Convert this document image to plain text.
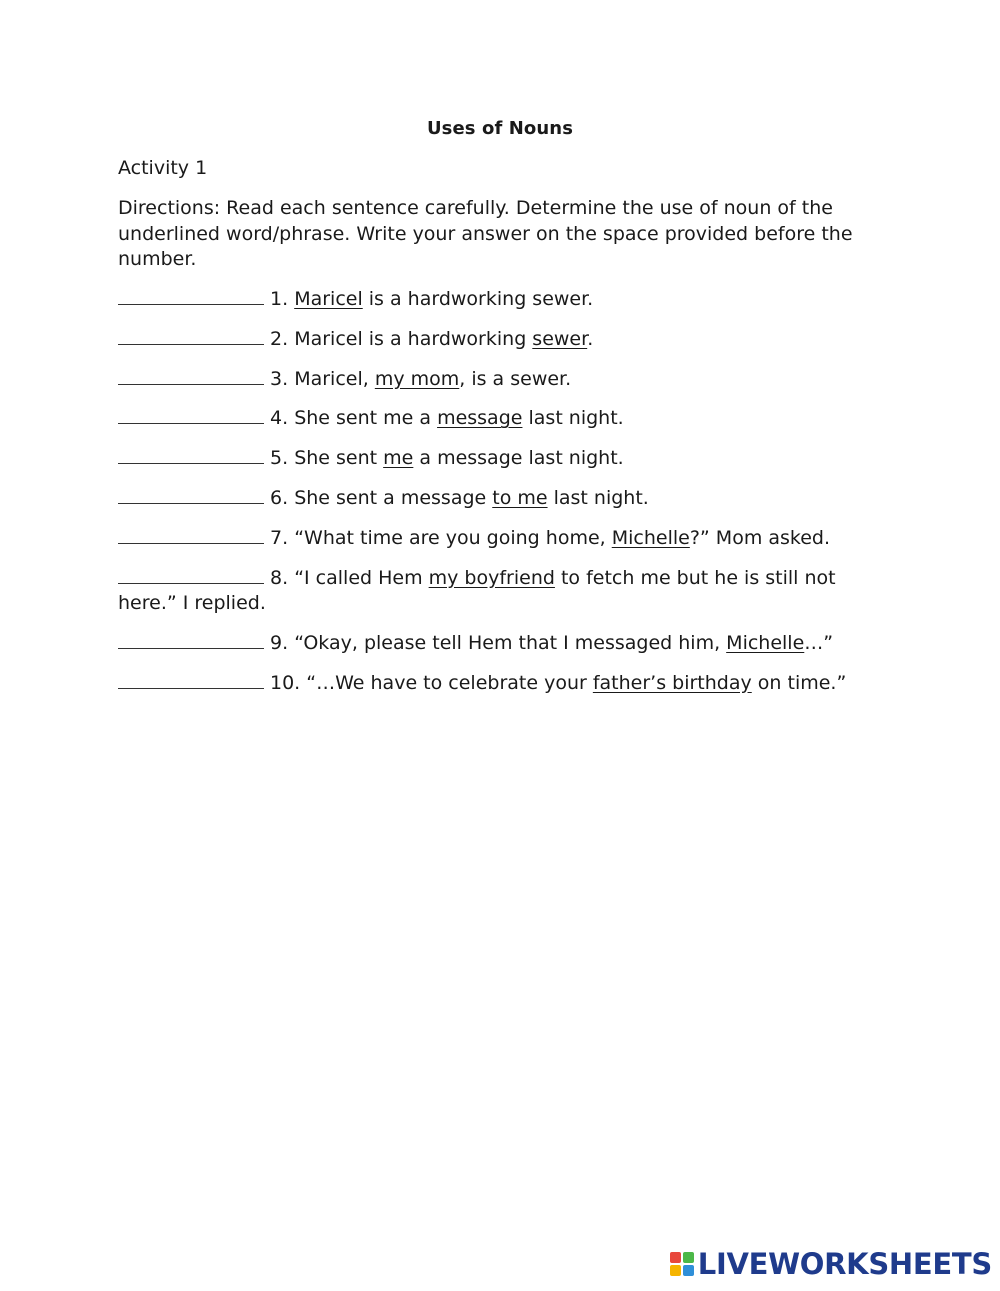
Uses of Nouns
Activity 1
Directions: Read each sentence carefully. Determine the use of noun of the underlined word/phrase. Write your answer on the space provided before the number.
1. Maricel is a hardworking sewer.
2. Maricel is a hardworking sewer.
3. Maricel, my mom, is a sewer.
4. She sent me a message last night.
5. She sent me a message last night.
6. She sent a message to me last night.
7. “What time are you going home, Michelle?” Mom asked.
8. “I called Hem my boyfriend to fetch me but he is still not here.” I replied.
9. “Okay, please tell Hem that I messaged him, Michelle…”
10. “…We have to celebrate your father’s birthday on time.”
LIVEWORKSHEETS
